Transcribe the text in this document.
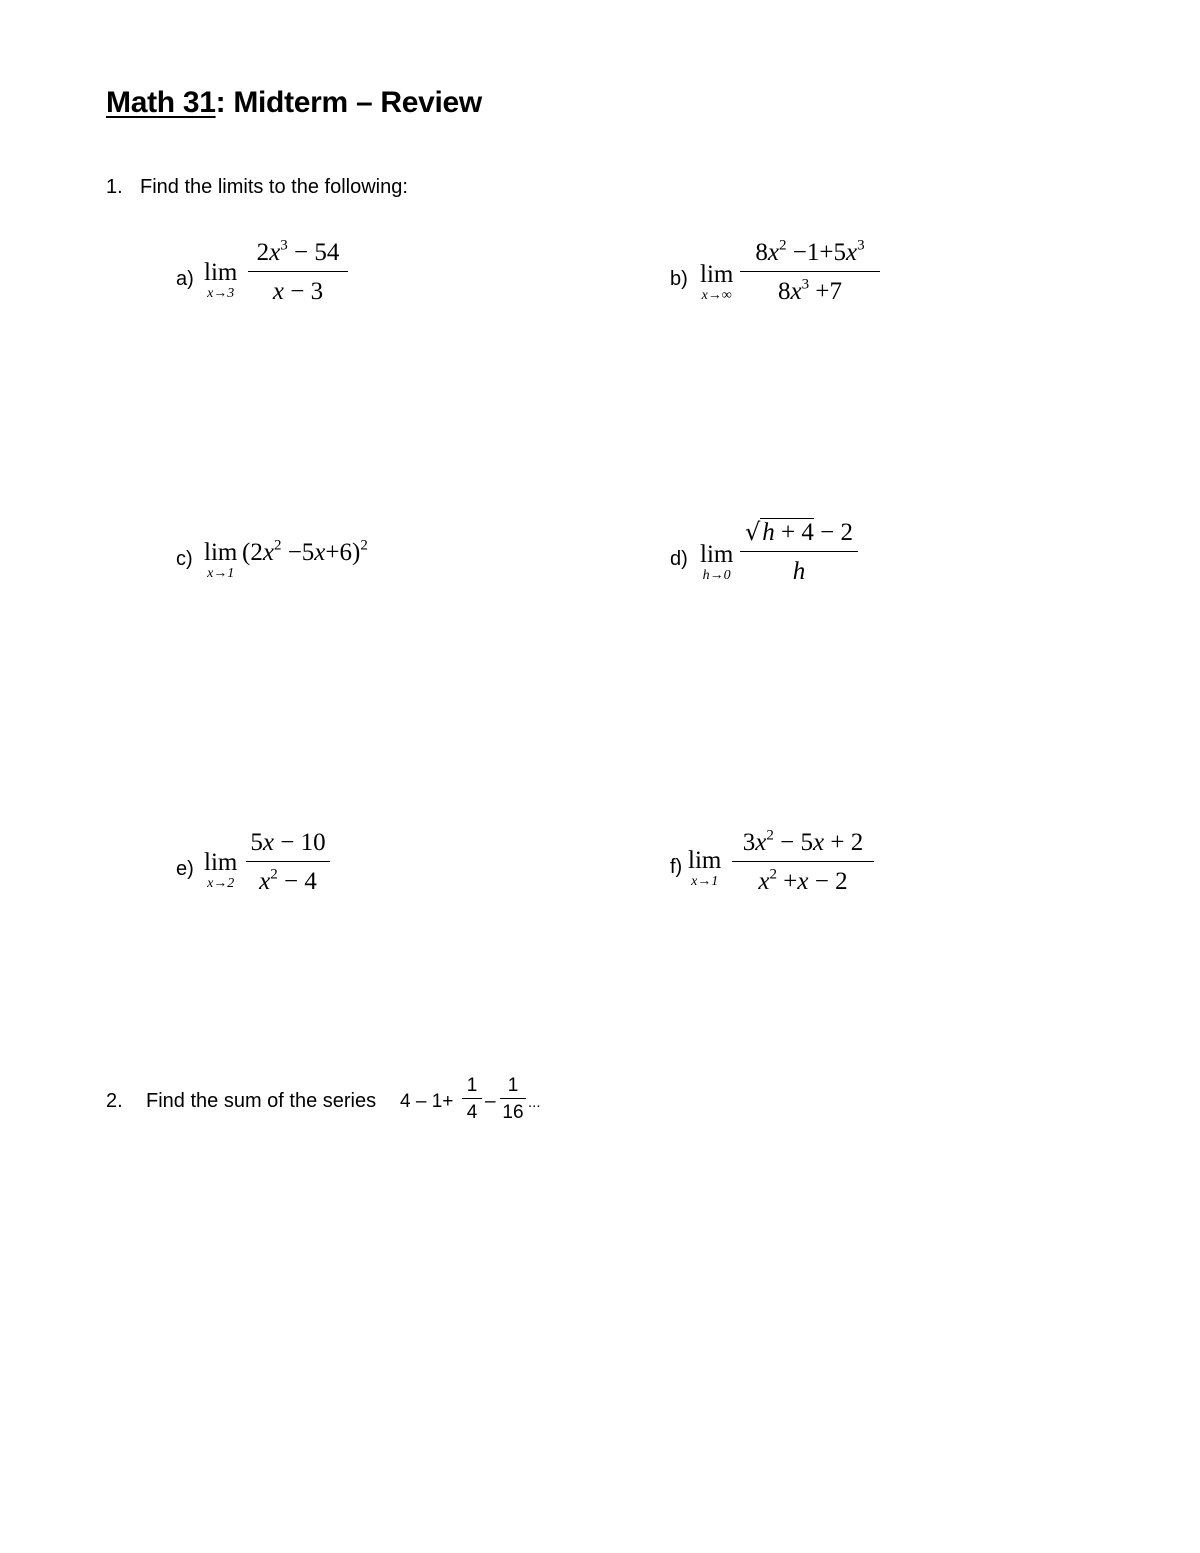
Math 31: Midterm – Review
1. Find the limits to the following:
a) lim
x→3
$2x^3 - 54$
x − 3	b) lim
x→∞
$8x^2 -1+5x^3$
$8x^3 +7$
c) lim
x→1
$(2x^2 -5x+6)^2$
d) lim
h→0
√h + 4 − 2
h
e) lim
x→2
5x − 10
$x^2 - 4$
f) lim
x→1
$3x^2 - 5x + 2$
$x^2 +x - 2$
2. Find the sum of the series 4 – 1+
1
4
–
1
16 ...
